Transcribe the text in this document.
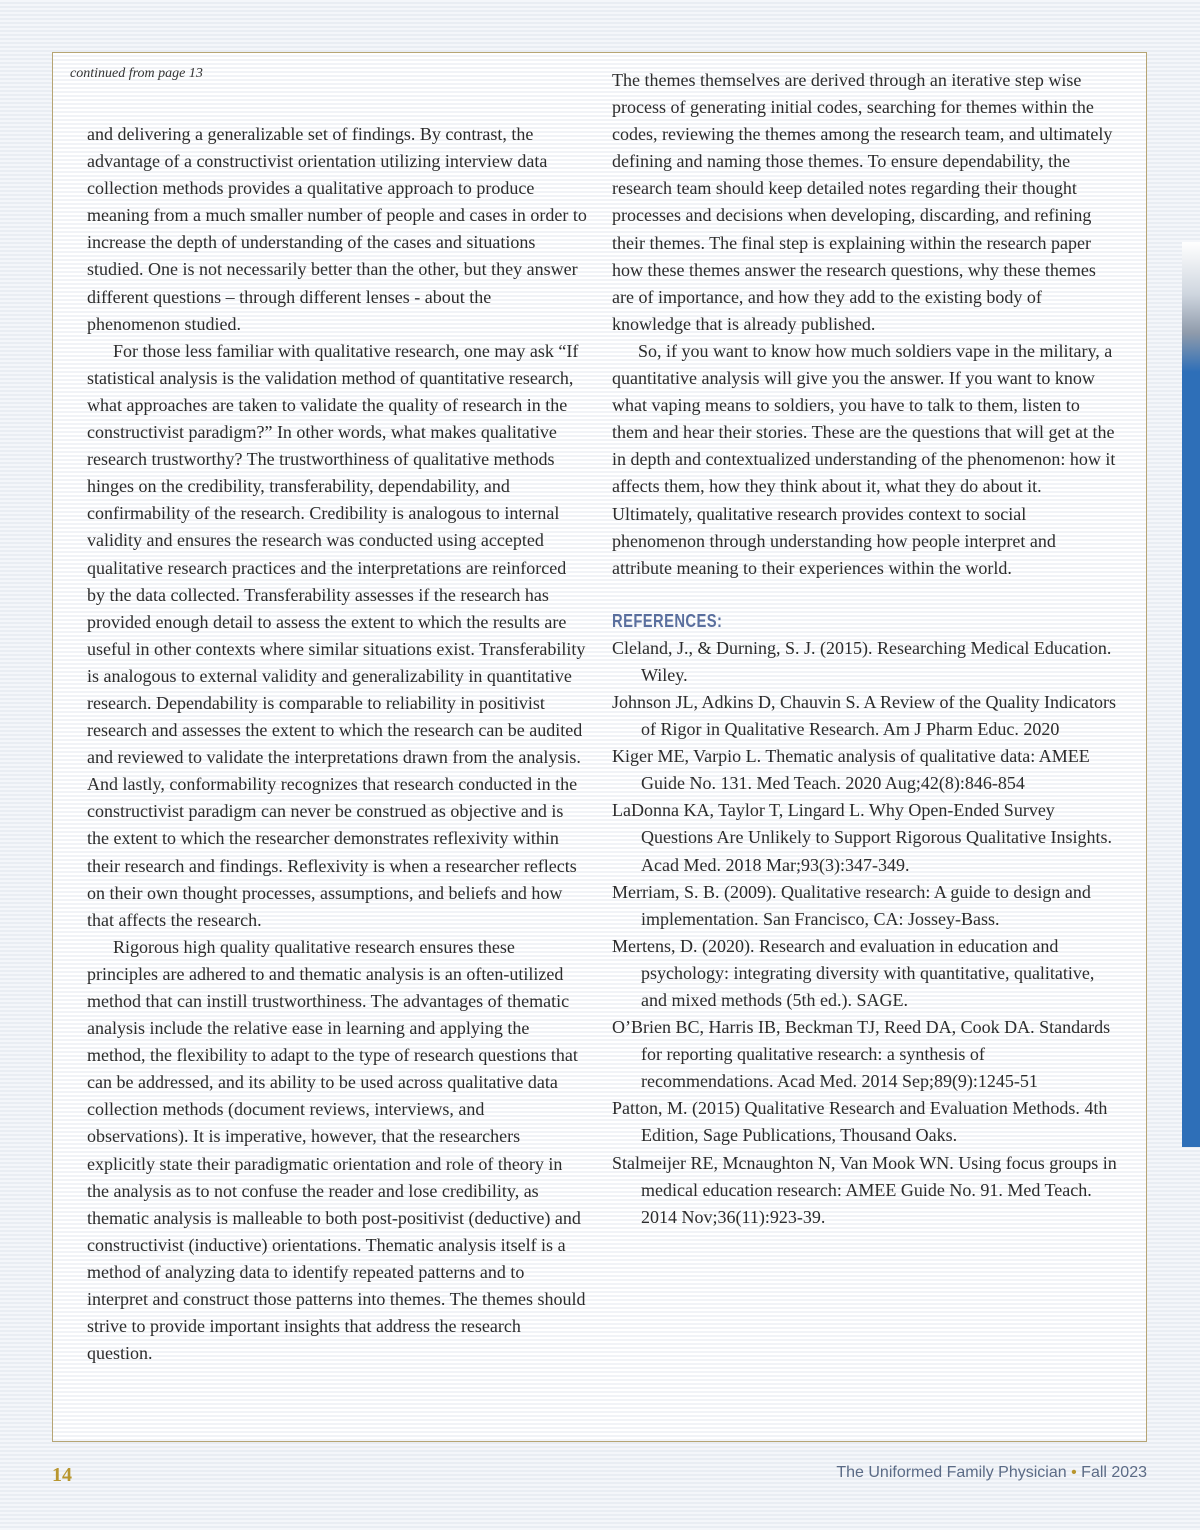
continued from page 13

and delivering a generalizable set of findings. By contrast, the advantage of a constructivist orientation utilizing interview data collection methods provides a qualitative approach to produce meaning from a much smaller number of people and cases in order to increase the depth of understanding of the cases and situations studied. One is not necessarily better than the other, but they answer different questions – through different lenses - about the phenomenon studied.

For those less familiar with qualitative research, one may ask “If statistical analysis is the validation method of quantitative research, what approaches are taken to validate the quality of research in the constructivist paradigm?” In other words, what makes qualitative research trustworthy? The trustworthiness of qualitative methods hinges on the credibility, transferability, dependability, and confirmability of the research. Credibility is analogous to internal validity and ensures the research was conducted using accepted qualitative research practices and the interpretations are reinforced by the data collected. Transferability assesses if the research has provided enough detail to assess the extent to which the results are useful in other contexts where similar situations exist. Transferability is analogous to external validity and generalizability in quantitative research. Dependability is comparable to reliability in positivist research and assesses the extent to which the research can be audited and reviewed to validate the interpretations drawn from the analysis. And lastly, conformability recognizes that research conducted in the constructivist paradigm can never be construed as objective and is the extent to which the researcher demonstrates reflexivity within their research and findings. Reflexivity is when a researcher reflects on their own thought processes, assumptions, and beliefs and how that affects the research.

Rigorous high quality qualitative research ensures these principles are adhered to and thematic analysis is an often-utilized method that can instill trustworthiness. The advantages of thematic analysis include the relative ease in learning and applying the method, the flexibility to adapt to the type of research questions that can be addressed, and its ability to be used across qualitative data collection methods (document reviews, interviews, and observations). It is imperative, however, that the researchers explicitly state their paradigmatic orientation and role of theory in the analysis as to not confuse the reader and lose credibility, as thematic analysis is malleable to both post-positivist (deductive) and constructivist (inductive) orientations. Thematic analysis itself is a method of analyzing data to identify repeated patterns and to interpret and construct those patterns into themes. The themes should strive to provide important insights that address the research question.

The themes themselves are derived through an iterative step wise process of generating initial codes, searching for themes within the codes, reviewing the themes among the research team, and ultimately defining and naming those themes. To ensure dependability, the research team should keep detailed notes regarding their thought processes and decisions when developing, discarding, and refining their themes. The final step is explaining within the research paper how these themes answer the research questions, why these themes are of importance, and how they add to the existing body of knowledge that is already published.

So, if you want to know how much soldiers vape in the military, a quantitative analysis will give you the answer. If you want to know what vaping means to soldiers, you have to talk to them, listen to them and hear their stories. These are the questions that will get at the in depth and contextualized understanding of the phenomenon: how it affects them, how they think about it, what they do about it. Ultimately, qualitative research provides context to social phenomenon through understanding how people interpret and attribute meaning to their experiences within the world.

REFERENCES:

Cleland, J., & Durning, S. J. (2015). Researching Medical Education. Wiley.

Johnson JL, Adkins D, Chauvin S. A Review of the Quality Indicators of Rigor in Qualitative Research. Am J Pharm Educ. 2020

Kiger ME, Varpio L. Thematic analysis of qualitative data: AMEE Guide No. 131. Med Teach. 2020 Aug;42(8):846-854

LaDonna KA, Taylor T, Lingard L. Why Open-Ended Survey Questions Are Unlikely to Support Rigorous Qualitative Insights. Acad Med. 2018 Mar;93(3):347-349.

Merriam, S. B. (2009). Qualitative research: A guide to design and implementation. San Francisco, CA: Jossey-Bass.

Mertens, D. (2020). Research and evaluation in education and psychology: integrating diversity with quantitative, qualitative, and mixed methods (5th ed.). SAGE.

O’Brien BC, Harris IB, Beckman TJ, Reed DA, Cook DA. Standards for reporting qualitative research: a synthesis of recommendations. Acad Med. 2014 Sep;89(9):1245-51

Patton, M. (2015) Qualitative Research and Evaluation Methods. 4th Edition, Sage Publications, Thousand Oaks.

Stalmeijer RE, Mcnaughton N, Van Mook WN. Using focus groups in medical education research: AMEE Guide No. 91. Med Teach. 2014 Nov;36(11):923-39.

14	The Uniformed Family Physician • Fall 2023
